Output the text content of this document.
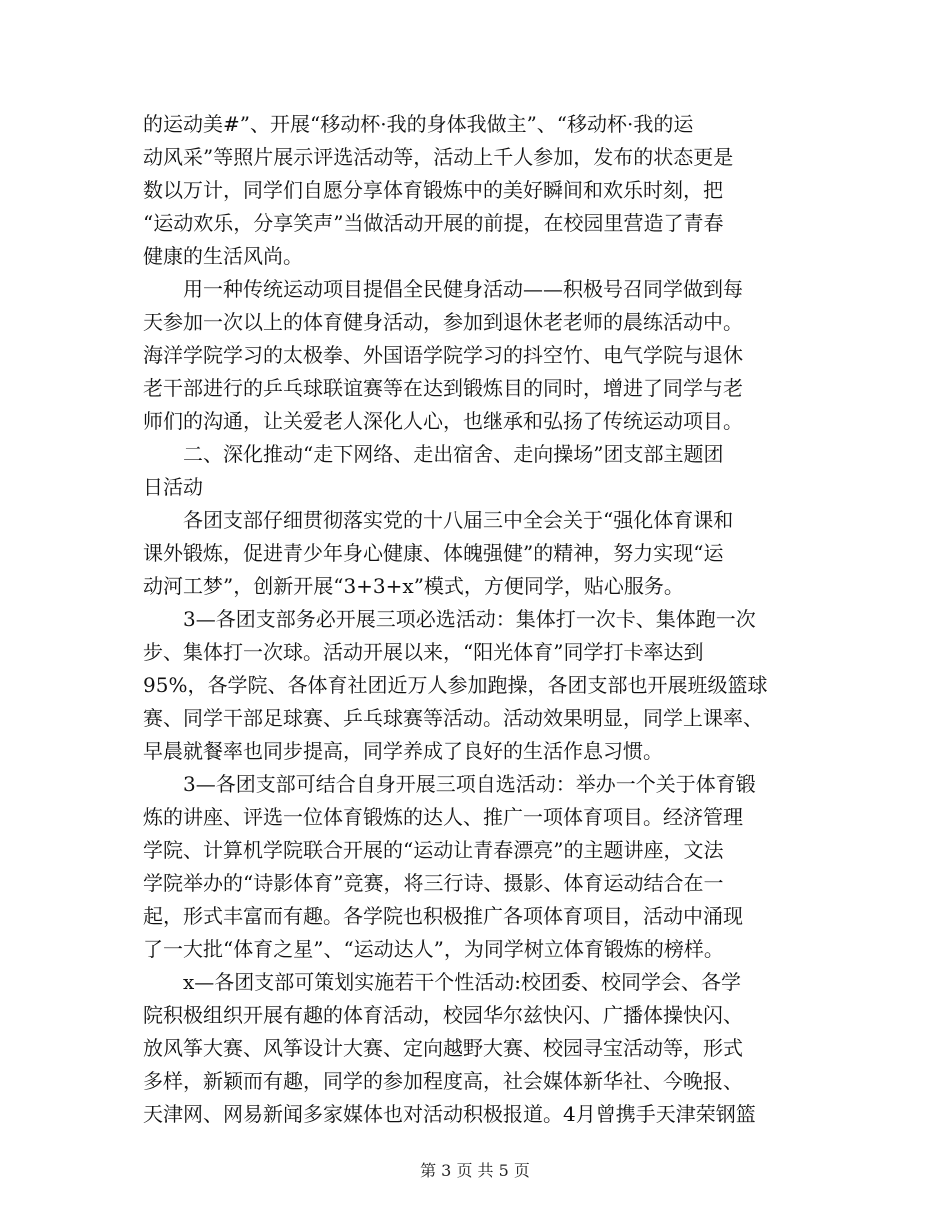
的运动美#”、开展“移动杯·我的身体我做主”、“移动杯·我的运
动风采”等照片展示评选活动等，活动上千人参加，发布的状态更是
数以万计，同学们自愿分享体育锻炼中的美好瞬间和欢乐时刻，把
“运动欢乐，分享笑声”当做活动开展的前提，在校园里营造了青春
健康的生活风尚。
　　用一种传统运动项目提倡全民健身活动——积极号召同学做到每
天参加一次以上的体育健身活动，参加到退休老老师的晨练活动中。
海洋学院学习的太极拳、外国语学院学习的抖空竹、电气学院与退休
老干部进行的乒乓球联谊赛等在达到锻炼目的同时，增进了同学与老
师们的沟通，让关爱老人深化人心，也继承和弘扬了传统运动项目。
　　二、深化推动“走下网络、走出宿舍、走向操场”团支部主题团
日活动
　　各团支部仔细贯彻落实党的十八届三中全会关于“强化体育课和
课外锻炼，促进青少年身心健康、体魄强健”的精神，努力实现“运
动河工梦”，创新开展“3+3+x”模式，方便同学，贴心服务。
　　3—各团支部务必开展三项必选活动：集体打一次卡、集体跑一次
步、集体打一次球。活动开展以来，“阳光体育”同学打卡率达到
95%，各学院、各体育社团近万人参加跑操，各团支部也开展班级篮球
赛、同学干部足球赛、乒乓球赛等活动。活动效果明显，同学上课率、
早晨就餐率也同步提高，同学养成了良好的生活作息习惯。
　　3—各团支部可结合自身开展三项自选活动：举办一个关于体育锻
炼的讲座、评选一位体育锻炼的达人、推广一项体育项目。经济管理
学院、计算机学院联合开展的“运动让青春漂亮”的主题讲座，文法
学院举办的“诗影体育”竞赛，将三行诗、摄影、体育运动结合在一
起，形式丰富而有趣。各学院也积极推广各项体育项目，活动中涌现
了一大批“体育之星”、“运动达人”，为同学树立体育锻炼的榜样。
　　x—各团支部可策划实施若干个性活动:校团委、校同学会、各学
院积极组织开展有趣的体育活动，校园华尔兹快闪、广播体操快闪、
放风筝大赛、风筝设计大赛、定向越野大赛、校园寻宝活动等，形式
多样，新颖而有趣，同学的参加程度高，社会媒体新华社、今晚报、
天津网、网易新闻多家媒体也对活动积极报道。4月曾携手天津荣钢篮
第 3 页 共 5 页
